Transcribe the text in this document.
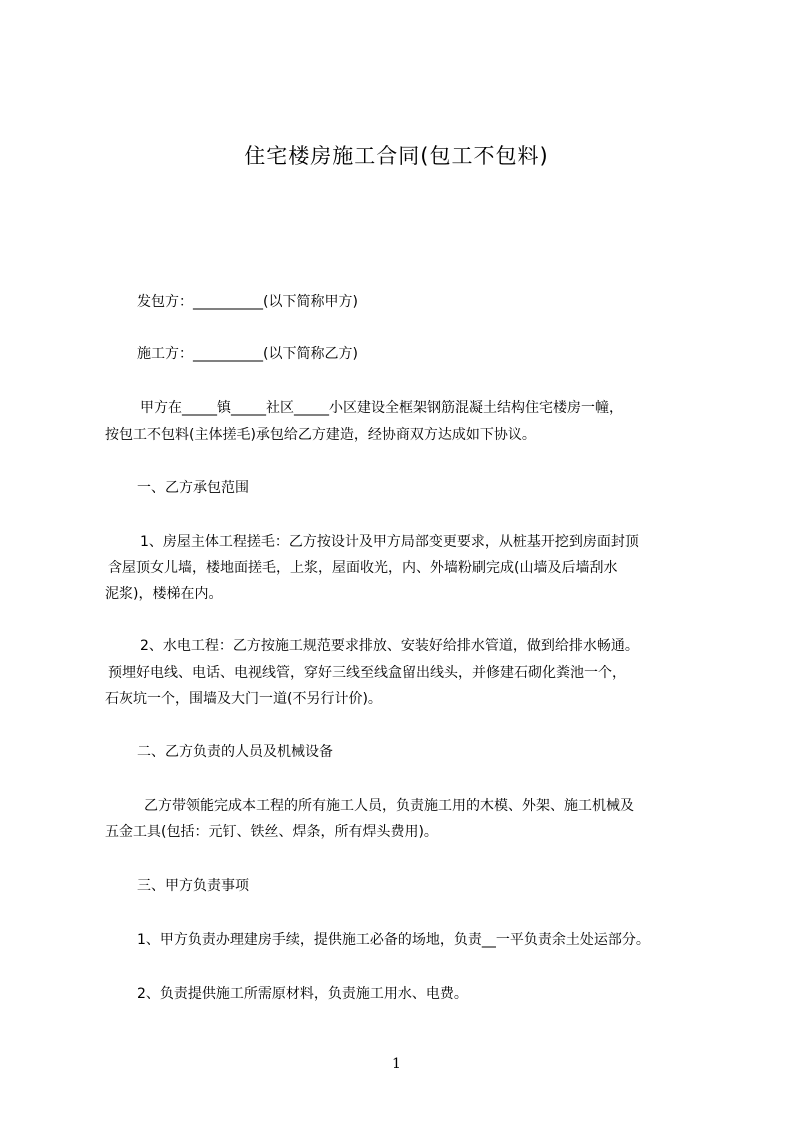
住宅楼房施工合同(包工不包料)
发包方：__________(以下简称甲方)
施工方：__________(以下简称乙方)
甲方在_____镇_____社区_____小区建设全框架钢筋混凝土结构住宅楼房一幢，
按包工不包料(主体搓毛)承包给乙方建造，经协商双方达成如下协议。
一、乙方承包范围
1、房屋主体工程搓毛：乙方按设计及甲方局部变更要求，从桩基开挖到房面封顶
含屋顶女儿墙，楼地面搓毛，上浆，屋面收光，内、外墙粉刷完成(山墙及后墙刮水
泥浆)，楼梯在内。
2、水电工程：乙方按施工规范要求排放、安装好给排水管道，做到给排水畅通。
预埋好电线、电话、电视线管，穿好三线至线盒留出线头，并修建石砌化粪池一个，
石灰坑一个，围墙及大门一道(不另行计价)。
二、乙方负责的人员及机械设备
乙方带领能完成本工程的所有施工人员，负责施工用的木模、外架、施工机械及
五金工具(包括：元钉、铁丝、焊条，所有焊头费用)。
三、甲方负责事项
1、甲方负责办理建房手续，提供施工必备的场地，负责__一平负责余土处运部分。
2、负责提供施工所需原材料，负责施工用水、电费。
1
